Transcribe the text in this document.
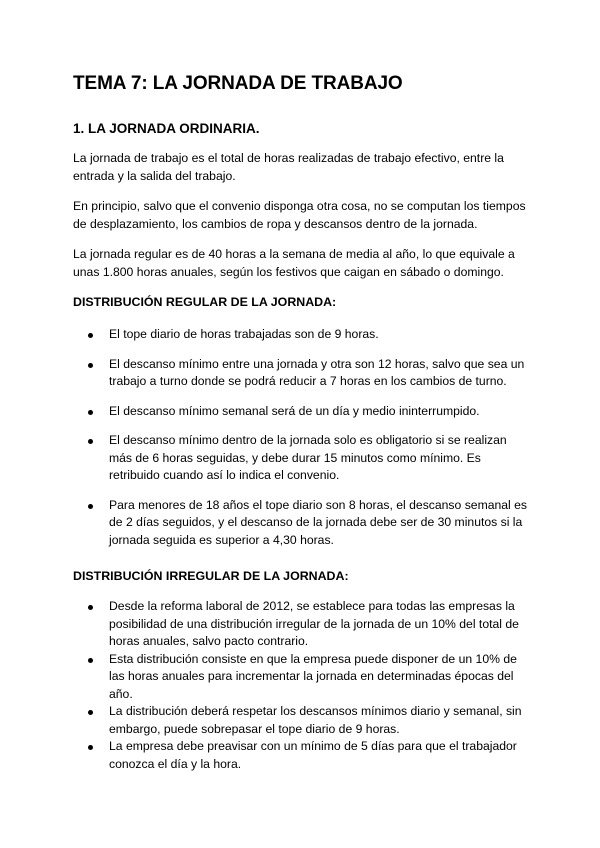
TEMA 7: LA JORNADA DE TRABAJO
1. LA JORNADA ORDINARIA.

La jornada de trabajo es el total de horas realizadas de trabajo efectivo, entre la entrada y la salida del trabajo.

En principio, salvo que el convenio disponga otra cosa, no se computan los tiempos de desplazamiento, los cambios de ropa y descansos dentro de la jornada.

La jornada regular es de 40 horas a la semana de media al año, lo que equivale a unas 1.800 horas anuales, según los festivos que caigan en sábado o domingo.

DISTRIBUCIÓN REGULAR DE LA JORNADA:
El tope diario de horas trabajadas son de 9 horas.
El descanso mínimo entre una jornada y otra son 12 horas, salvo que sea un trabajo a turno donde se podrá reducir a 7 horas en los cambios de turno.
El descanso mínimo semanal será de un día y medio ininterrumpido.
El descanso mínimo dentro de la jornada solo es obligatorio si se realizan más de 6 horas seguidas, y debe durar 15 minutos como mínimo. Es retribuido cuando así lo indica el convenio.
Para menores de 18 años el tope diario son 8 horas, el descanso semanal es de 2 días seguidos, y el descanso de la jornada debe ser de 30 minutos si la jornada seguida es superior a 4,30 horas.
DISTRIBUCIÓN IRREGULAR DE LA JORNADA:
Desde la reforma laboral de 2012, se establece para todas las empresas la posibilidad de una distribución irregular de la jornada de un 10% del total de horas anuales, salvo pacto contrario.
Esta distribución consiste en que la empresa puede disponer de un 10% de las horas anuales para incrementar la jornada en determinadas épocas del año.
La distribución deberá respetar los descansos mínimos diario y semanal, sin embargo, puede sobrepasar el tope diario de 9 horas.
La empresa debe preavisar con un mínimo de 5 días para que el trabajador conozca el día y la hora.
